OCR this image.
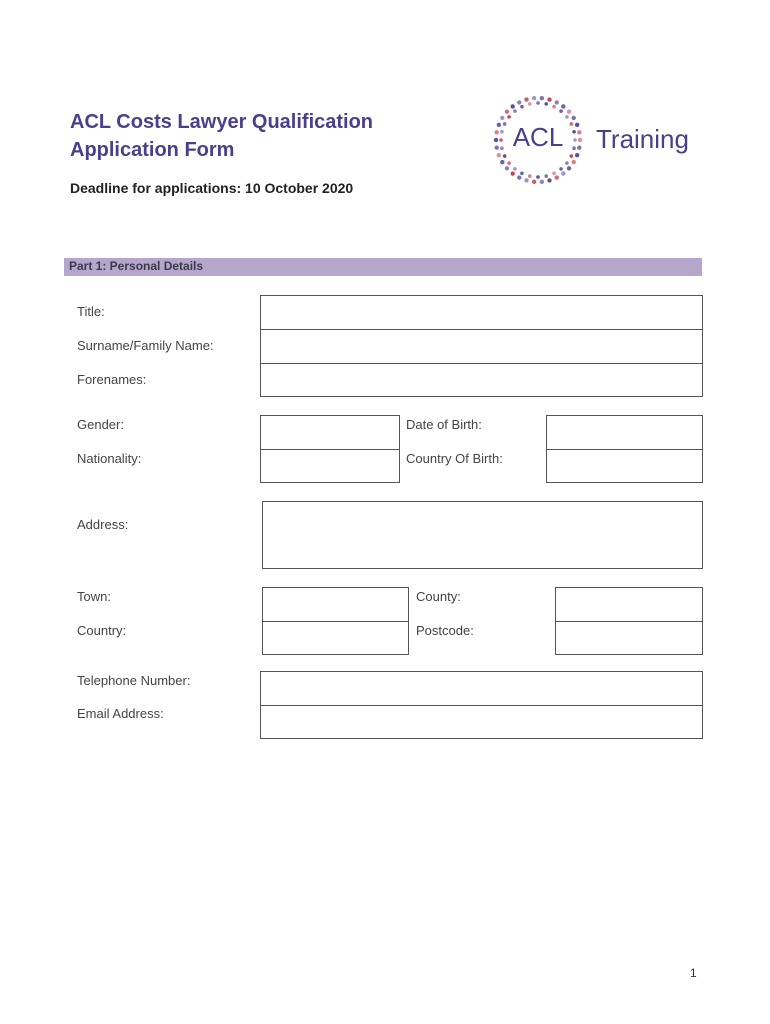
ACL Costs Lawyer Qualification
Application Form
Deadline for applications: 10 October 2020
ACL Training
Part 1: Personal Details
Title:
Surname/Family Name:
Forenames:
Gender:	Date of Birth:
Nationality:	Country Of Birth:
Address:
Town:	County:
Country:	Postcode:
Telephone Number:
Email Address:
1
